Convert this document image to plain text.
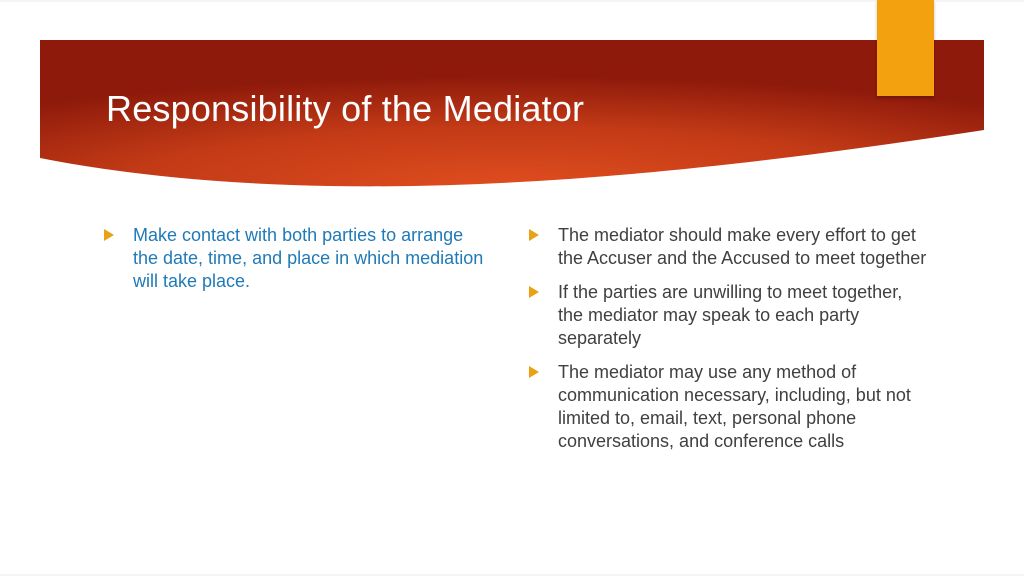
Responsibility of the Mediator
Make contact with both parties to arrange the date, time, and place in which mediation will take place.
The mediator should make every effort to get the Accuser and the Accused to meet together
If the parties are unwilling to meet together, the mediator may speak to each party separately
The mediator may use any method of communication necessary, including, but not limited to, email, text, personal phone conversations, and conference calls
